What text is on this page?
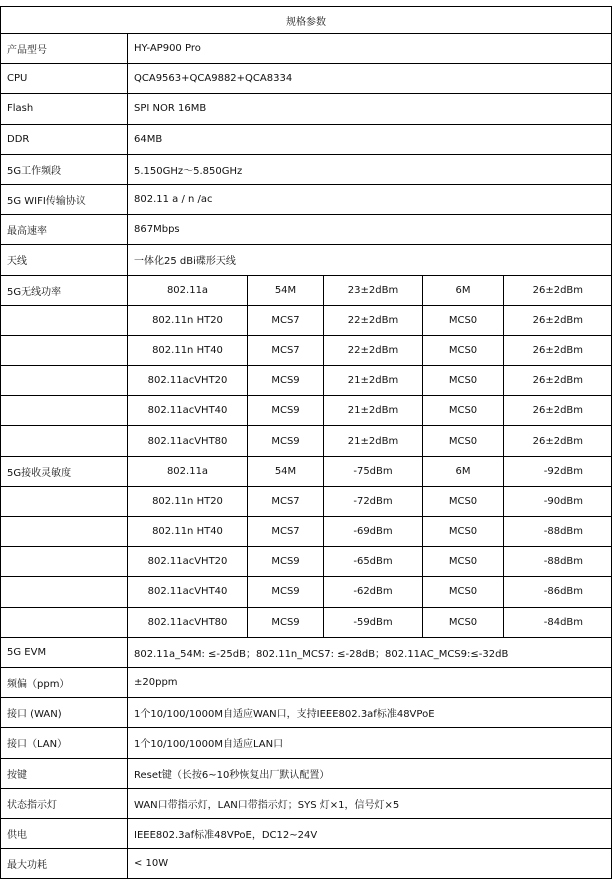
规格参数					
产品型号	HY-AP900 Pro				
CPU	QCA9563+QCA9882+QCA8334				
Flash	SPI NOR 16MB				
DDR	64MB				
5G工作频段	5.150GHz～5.850GHz				
5G WIFI传输协议	802.11 a / n /ac				
最高速率	867Mbps				
天线	一体化25 dBi碟形天线				
5G无线功率	802.11a	54M	23±2dBm	6M	26±2dBm
	802.11n HT20	MCS7	22±2dBm	MCS0	26±2dBm
	802.11n HT40	MCS7	22±2dBm	MCS0	26±2dBm
	802.11acVHT20	MCS9	21±2dBm	MCS0	26±2dBm
	802.11acVHT40	MCS9	21±2dBm	MCS0	26±2dBm
	802.11acVHT80	MCS9	21±2dBm	MCS0	26±2dBm
5G接收灵敏度	802.11a	54M	-75dBm	6M	-92dBm
	802.11n HT20	MCS7	-72dBm	MCS0	-90dBm
	802.11n HT40	MCS7	-69dBm	MCS0	-88dBm
	802.11acVHT20	MCS9	-65dBm	MCS0	-88dBm
	802.11acVHT40	MCS9	-62dBm	MCS0	-86dBm
	802.11acVHT80	MCS9	-59dBm	MCS0	-84dBm
5G EVM	802.11a_54M: ≤-25dB；802.11n_MCS7: ≤-28dB；802.11AC_MCS9:≤-32dB				
频偏（ppm）	±20ppm				
接口 (WAN)	1个10/100/1000M自适应WAN口，支持IEEE802.3af标准48VPoE				
接口（LAN）	1个10/100/1000M自适应LAN口				
按键	Reset键（长按6~10秒恢复出厂默认配置）				
状态指示灯	WAN口带指示灯，LAN口带指示灯；SYS 灯×1，信号灯×5				
供电	IEEE802.3af标准48VPoE，DC12~24V				
最大功耗	< 10W				
